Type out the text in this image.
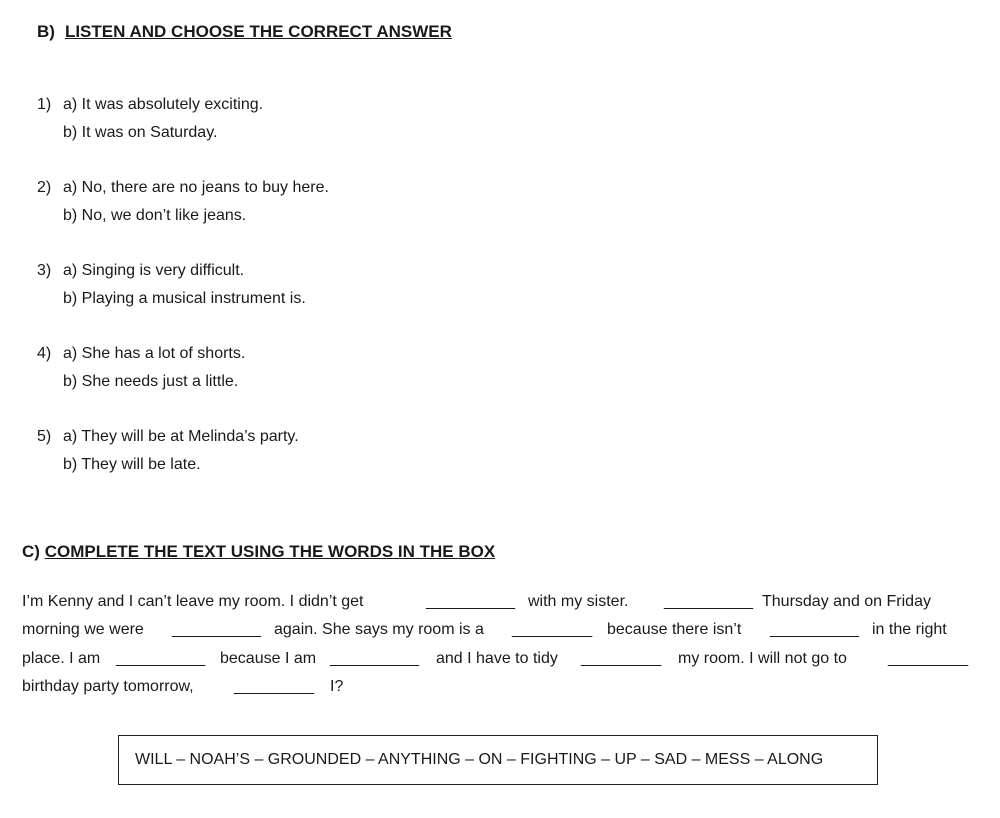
B) LISTEN AND CHOOSE THE CORRECT ANSWER
1) a) It was absolutely exciting.
b) It was on Saturday.
2) a) No, there are no jeans to buy here.
b) No, we don’t like jeans.
3) a) Singing is very difficult.
b) Playing a musical instrument is.
4) a) She has a lot of shorts.
b) She needs just a little.
5) a) They will be at Melinda’s party.
b) They will be late.
C) COMPLETE THE TEXT USING THE WORDS IN THE BOX
I’m Kenny and I can’t leave my room. I didn’t get	__________ with my sister. __________ Thursday and on Friday
morning we were __________ again. She says my room is a _________ because there isn’t __________ in the right
place. I am __________ because I am __________ and I have to tidy _________ my room. I will not go to	_________
birthday party tomorrow,	_________ I?
WILL – NOAH’S – GROUNDED – ANYTHING – ON – FIGHTING – UP – SAD – MESS – ALONG
